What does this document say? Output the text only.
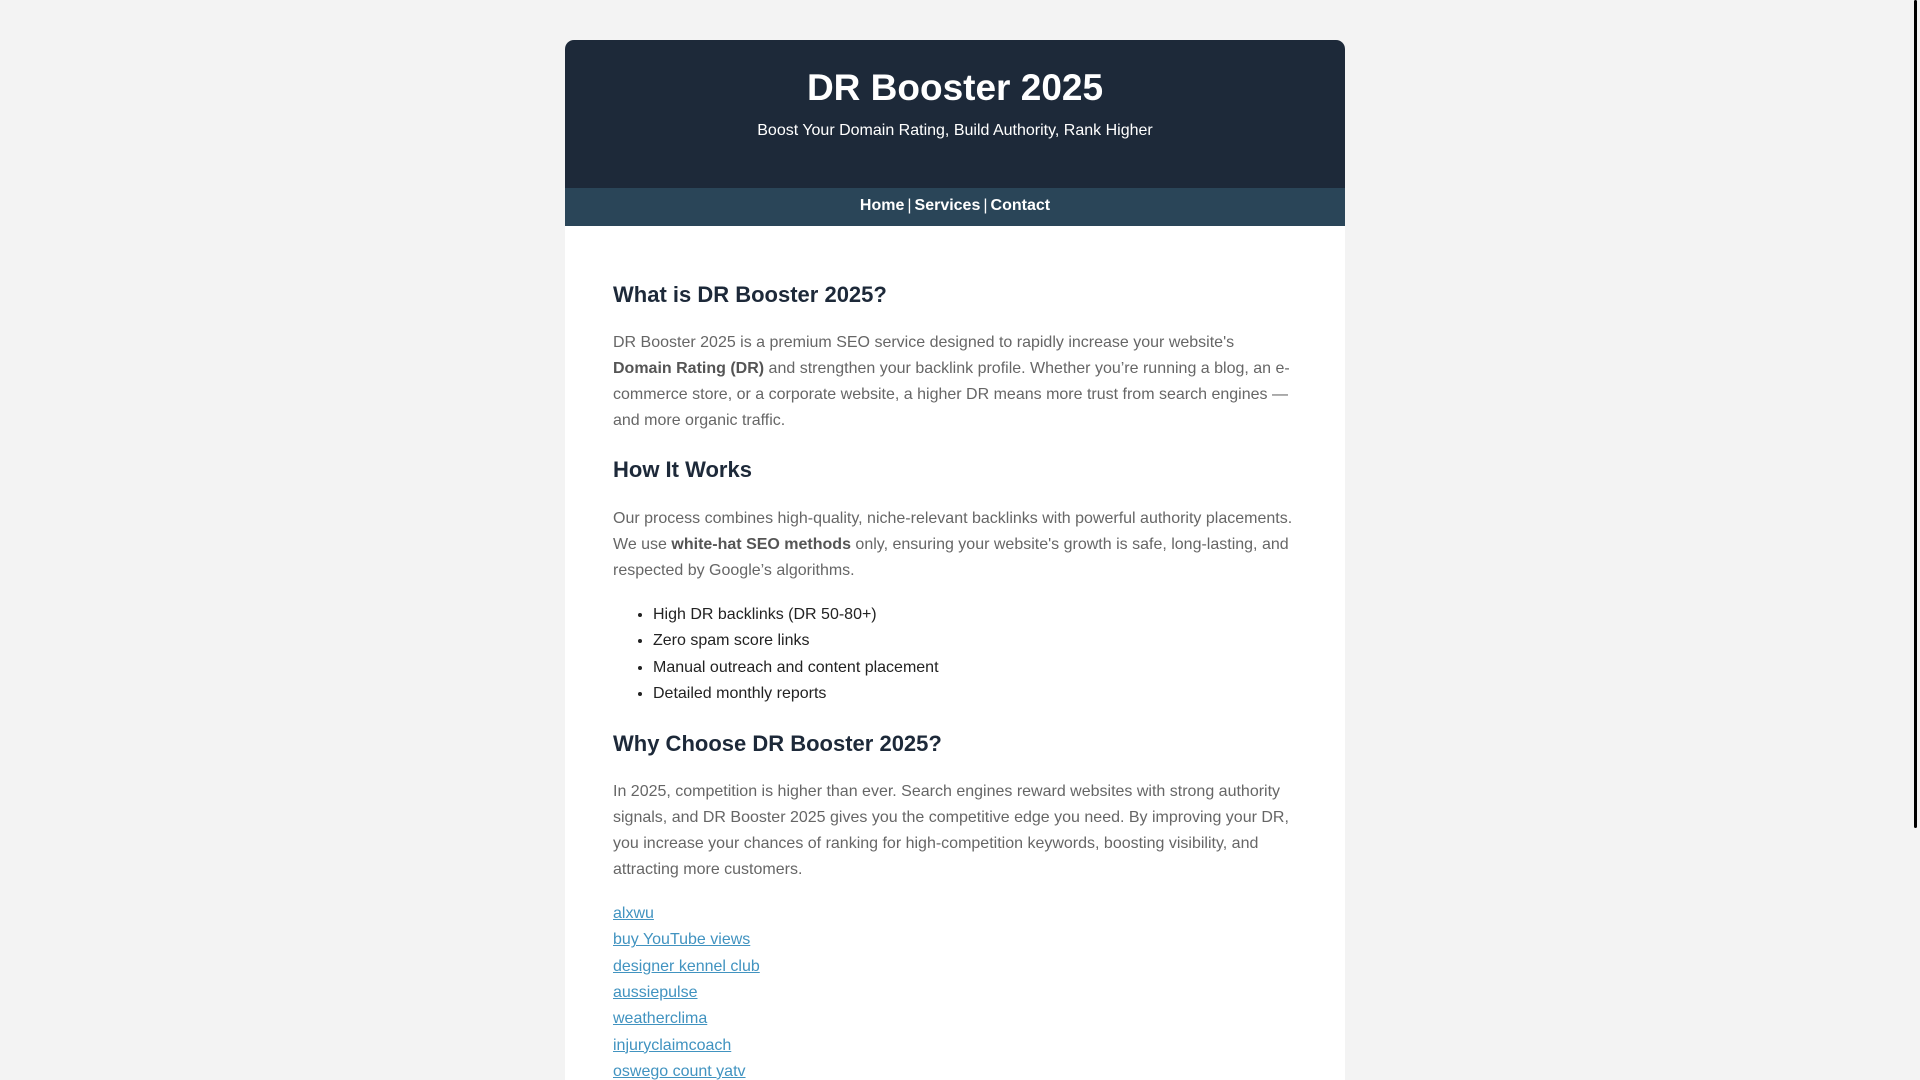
DR Booster 2025
Boost Your Domain Rating, Build Authority, Rank Higher
Home | Services | Contact
What is DR Booster 2025?

DR Booster 2025 is a premium SEO service designed to rapidly increase your website's Domain Rating (DR) and strengthen your backlink profile. Whether you’re running a blog, an e-commerce store, or a corporate website, a higher DR means more trust from search engines — and more organic traffic.

How It Works

Our process combines high-quality, niche-relevant backlinks with powerful authority placements. We use white-hat SEO methods only, ensuring your website's growth is safe, long-lasting, and respected by Google’s algorithms.

• High DR backlinks (DR 50-80+)
• Zero spam score links
• Manual outreach and content placement
• Detailed monthly reports
Why Choose DR Booster 2025?

In 2025, competition is higher than ever. Search engines reward websites with strong authority signals, and DR Booster 2025 gives you the competitive edge you need. By improving your DR, you increase your chances of ranking for high-competition keywords, boosting visibility, and attracting more customers.

alxwu
buy YouTube views
designer kennel club
aussiepulse
weatherclima
injuryclaimcoach
oswego count yatv
